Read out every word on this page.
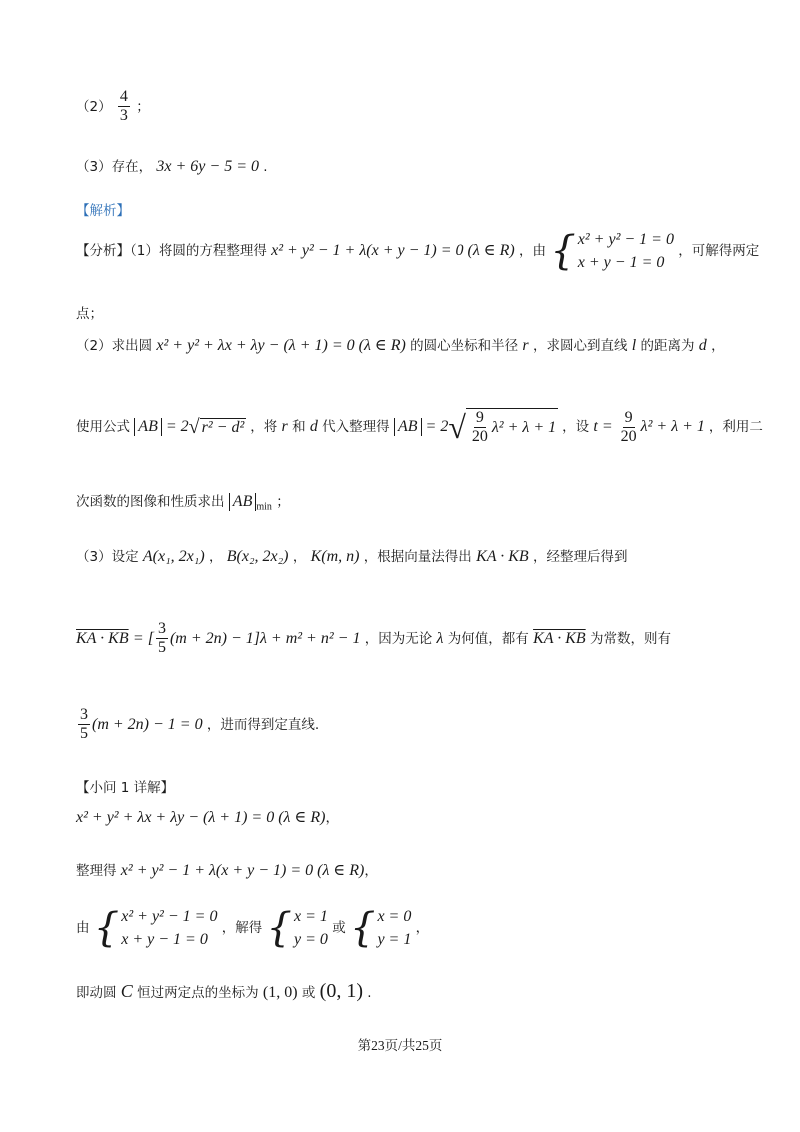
$(2) \frac{4}{3}$ ；
（3）存在， 3x + 6y − 5 = 0 .
【解析】
【分析】（1）将圆的方程整理得 x² + y² − 1 + λ(x + y − 1) = 0 (λ ∈ R) ，由 { x² + y² − 1 = 0
x + y − 1 = 0
，可解得两定
点；
（2）求出圆 x² + y² + λx + λy − (λ + 1) = 0 (λ ∈ R) 的圆心坐标和半径 r ，求圆心到直线 l 的距离为 d ，
使用公式 AB = 2 √ r² − d² ，将 r 和 d 代入整理得 AB = 2 √ $\frac{9}{20} \lambda^2 + \lambda + 1$ ，设 $t = \frac{9}{20} \lambda^2 + \lambda + 1$ ，利用二
次函数的图像和性质求出 AB $_{min}$ ；
（3）设定 A(x₁, 2x₁) ， B(x₂, 2x₂) ， K(m, n) ，根据向量法得出 KA · KB ，经整理后得到
KA · KB = [ $\frac{3}{5} (m + 2n) - 1]\lambda + m^2 + n^2 - 1$ ，因为无论 λ 为何值，都有 KA · KB 为常数，则有
$\frac{3}{5} (m + 2n) - 1 = 0$ ，进而得到定直线.
【小问 1 详解】
x² + y² + λx + λy − (λ + 1) = 0 (λ ∈ R)，
整理得 x² + y² − 1 + λ(x + y − 1) = 0 (λ ∈ R)，
由 { x² + y² − 1 = 0
x + y − 1 = 0
，解得 { x = 1
y = 0
或 { x = 0
y = 1
，
即动圆 C 恒过两定点的坐标为 (1, 0) 或 (0, 1) .
第23页/共25页
